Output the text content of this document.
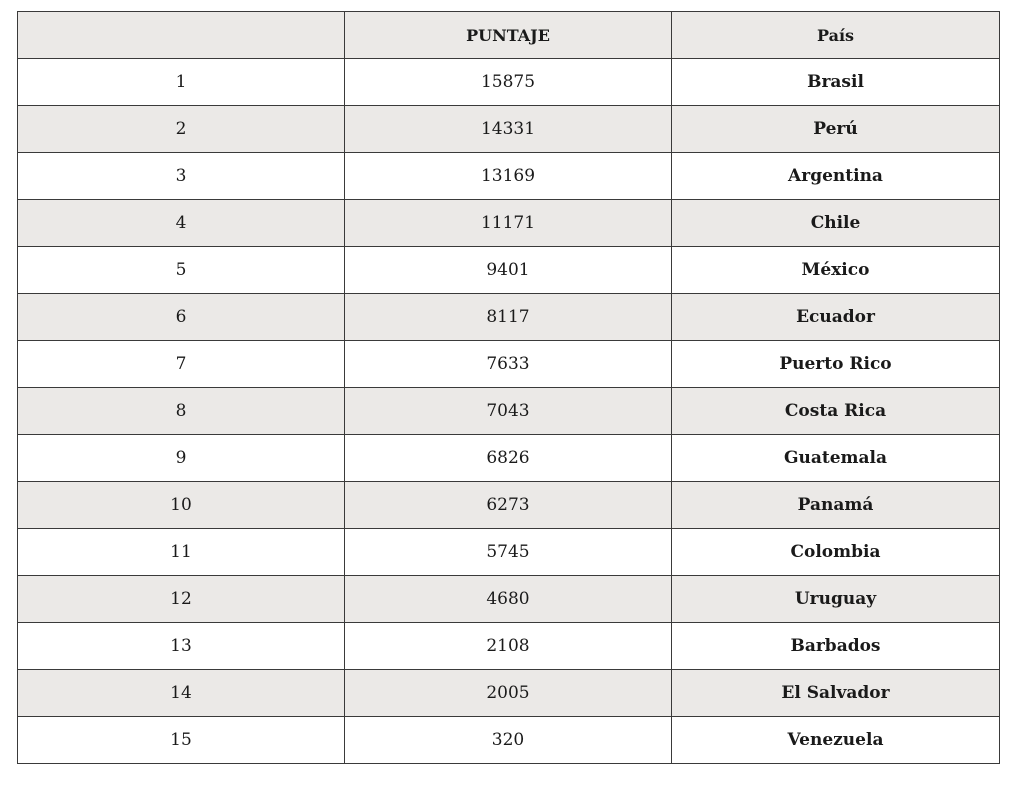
	PUNTAJE	País
1	15875	Brasil
2	14331	Perú
3	13169	Argentina
4	11171	Chile
5	9401	México
6	8117	Ecuador
7	7633	Puerto Rico
8	7043	Costa Rica
9	6826	Guatemala
10	6273	Panamá
11	5745	Colombia
12	4680	Uruguay
13	2108	Barbados
14	2005	El Salvador
15	320	Venezuela
